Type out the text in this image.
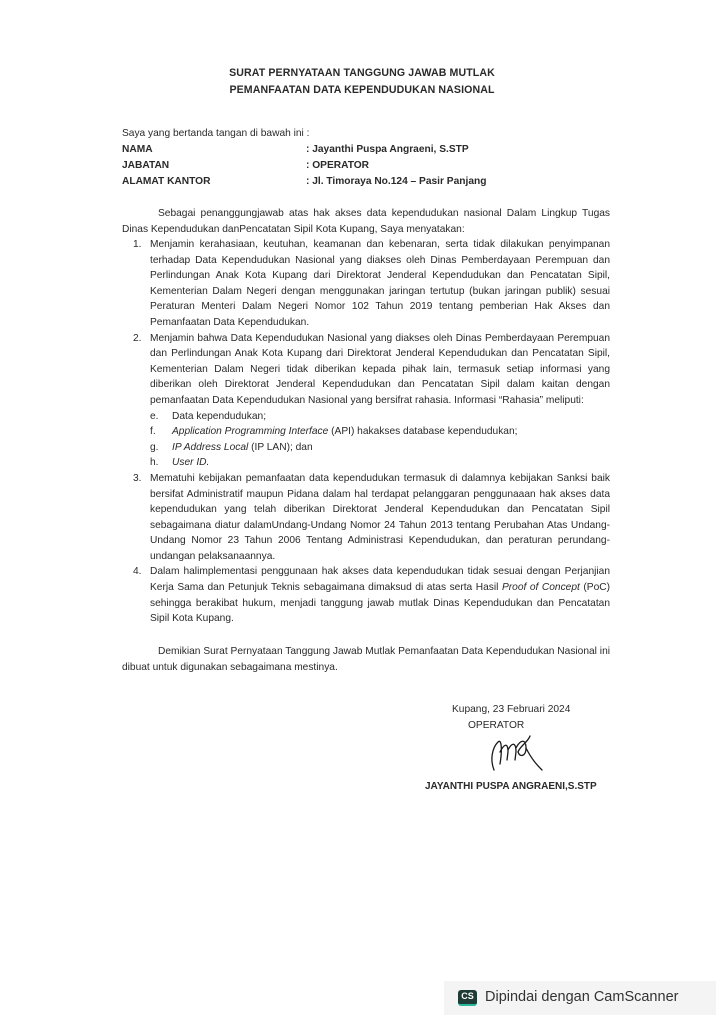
SURAT PERNYATAAN TANGGUNG JAWAB MUTLAK
PEMANFAATAN DATA KEPENDUDUKAN NASIONAL
Saya yang bertanda tangan di bawah ini :
NAMA	: Jayanthi Puspa Angraeni, S.STP
JABATAN	: OPERATOR
ALAMAT KANTOR	: Jl. Timoraya No.124 – Pasir Panjang
Sebagai penanggungjawab atas hak akses data kependudukan nasional Dalam Lingkup Tugas Dinas Kependudukan danPencatatan Sipil Kota Kupang, Saya menyatakan:
1. Menjamin kerahasiaan, keutuhan, keamanan dan kebenaran, serta tidak dilakukan penyimpanan terhadap Data Kependudukan Nasional yang diakses oleh Dinas Pemberdayaan Perempuan dan Perlindungan Anak Kota Kupang dari Direktorat Jenderal Kependudukan dan Pencatatan Sipil, Kementerian Dalam Negeri dengan menggunakan jaringan tertutup (bukan jaringan publik) sesuai Peraturan Menteri Dalam Negeri Nomor 102 Tahun 2019 tentang pemberian Hak Akses dan Pemanfaatan Data Kependudukan.
2. Menjamin bahwa Data Kependudukan Nasional yang diakses oleh Dinas Pemberdayaan Perempuan dan Perlindungan Anak Kota Kupang dari Direktorat Jenderal Kependudukan dan Pencatatan Sipil, Kementerian Dalam Negeri tidak diberikan kepada pihak lain, termasuk setiap informasi yang diberikan oleh Direktorat Jenderal Kependudukan dan Pencatatan Sipil dalam kaitan dengan pemanfaatan Data Kependudukan Nasional yang bersifrat rahasia. Informasi “Rahasia” meliputi:
e. Data kependudukan;
f. Application Programming Interface (API) hakakses database kependudukan;
g. IP Address Local (IP LAN); dan
h. User ID.
3. Mematuhi kebijakan pemanfaatan data kependudukan termasuk di dalamnya kebijakan Sanksi baik bersifat Administratif maupun Pidana dalam hal terdapat pelanggaran penggunaaan hak akses data kependudukan yang telah diberikan Direktorat Jenderal Kependudukan dan Pencatatan Sipil sebagaimana diatur dalamUndang-Undang Nomor 24 Tahun 2013 tentang Perubahan Atas Undang-Undang Nomor 23 Tahun 2006 Tentang Administrasi Kependudukan, dan peraturan perundang-undangan pelaksanaannya.
4. Dalam halimplementasi penggunaan hak akses data kependudukan tidak sesuai dengan Perjanjian Kerja Sama dan Petunjuk Teknis sebagaimana dimaksud di atas serta Hasil Proof of Concept (PoC) sehingga berakibat hukum, menjadi tanggung jawab mutlak Dinas Kependudukan dan Pencatatan Sipil Kota Kupang.
Demikian Surat Pernyataan Tanggung Jawab Mutlak Pemanfaatan Data Kependudukan Nasional ini dibuat untuk digunakan sebagaimana mestinya.
Kupang, 23 Februari 2024
OPERATOR
JAYANTHI PUSPA ANGRAENI,S.STP
CS Dipindai dengan CamScanner
